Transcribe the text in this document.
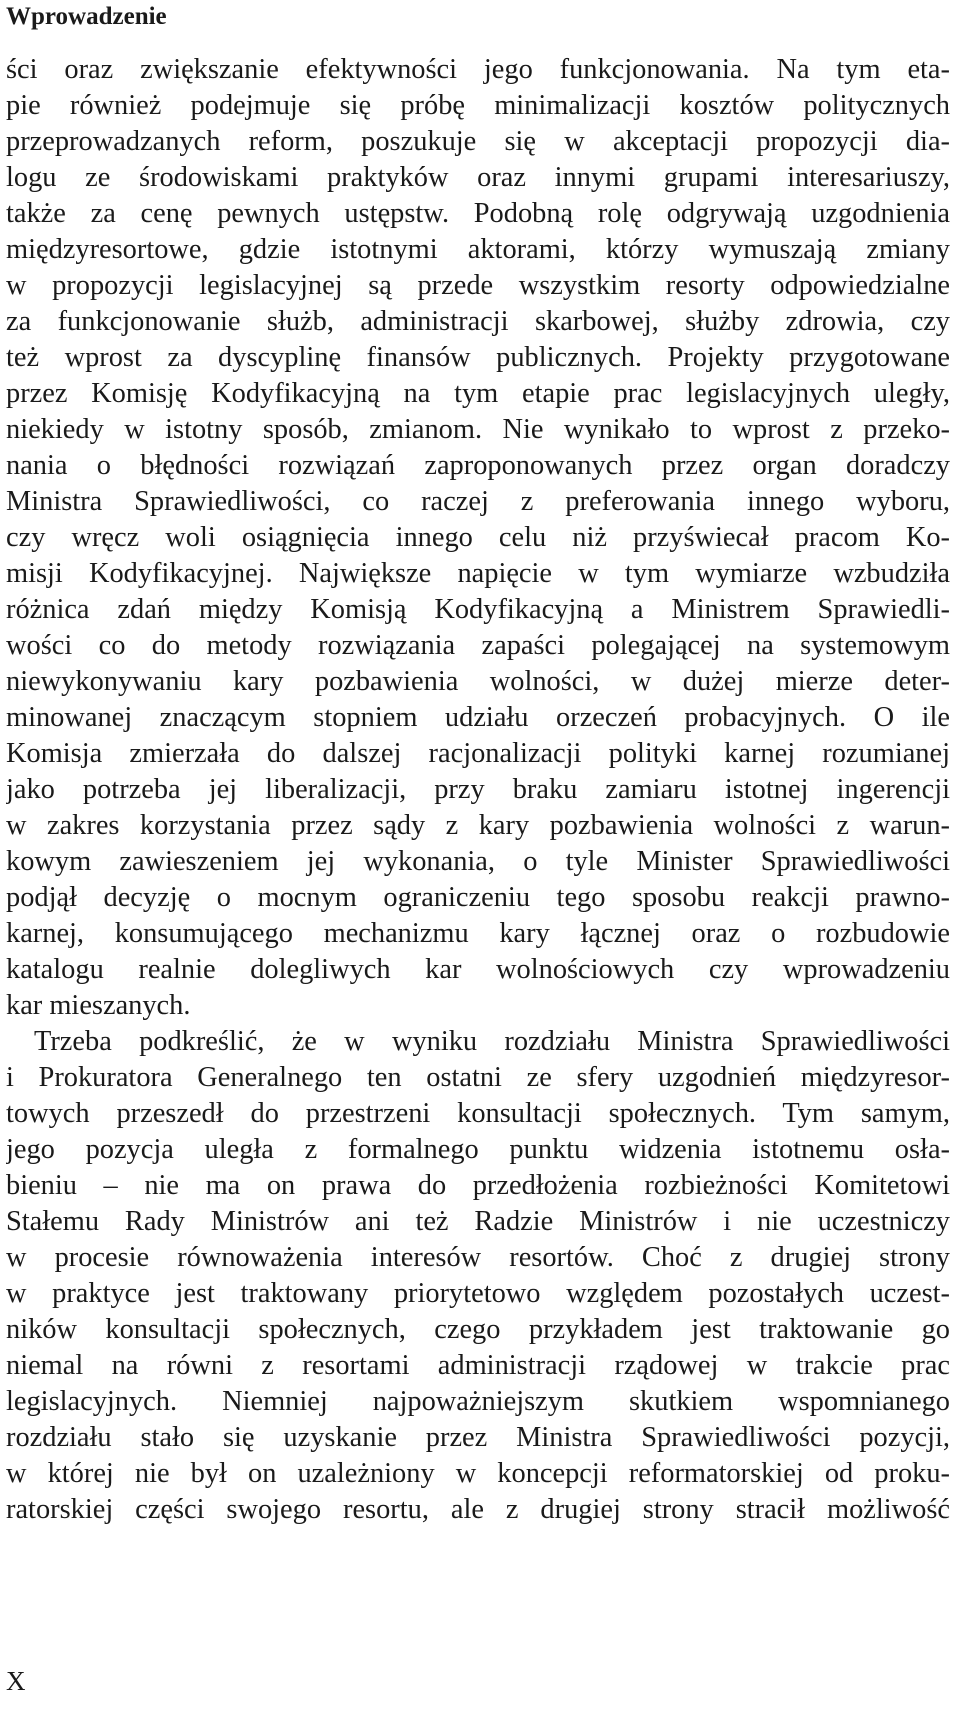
Wprowadzenie
ści oraz zwiększanie efektywności jego funkcjonowania. Na tym eta-
pie również podejmuje się próbę minimalizacji kosztów politycznych
przeprowadzanych reform, poszukuje się w akceptacji propozycji dia-
logu ze środowiskami praktyków oraz innymi grupami interesariuszy,
także za cenę pewnych ustępstw. Podobną rolę odgrywają uzgodnienia
międzyresortowe, gdzie istotnymi aktorami, którzy wymuszają zmiany
w propozycji legislacyjnej są przede wszystkim resorty odpowiedzialne
za funkcjonowanie służb, administracji skarbowej, służby zdrowia, czy
też wprost za dyscyplinę finansów publicznych. Projekty przygotowane
przez Komisję Kodyfikacyjną na tym etapie prac legislacyjnych uległy,
niekiedy w istotny sposób, zmianom. Nie wynikało to wprost z przeko-
nania o błędności rozwiązań zaproponowanych przez organ doradczy
Ministra Sprawiedliwości, co raczej z preferowania innego wyboru,
czy wręcz woli osiągnięcia innego celu niż przyświecał pracom Ko-
misji Kodyfikacyjnej. Największe napięcie w tym wymiarze wzbudziła
różnica zdań między Komisją Kodyfikacyjną a Ministrem Sprawiedli-
wości co do metody rozwiązania zapaści polegającej na systemowym
niewykonywaniu kary pozbawienia wolności, w dużej mierze deter-
minowanej znaczącym stopniem udziału orzeczeń probacyjnych. O ile
Komisja zmierzała do dalszej racjonalizacji polityki karnej rozumianej
jako potrzeba jej liberalizacji, przy braku zamiaru istotnej ingerencji
w zakres korzystania przez sądy z kary pozbawienia wolności z warun-
kowym zawieszeniem jej wykonania, o tyle Minister Sprawiedliwości
podjął decyzję o mocnym ograniczeniu tego sposobu reakcji prawno-
karnej, konsumującego mechanizmu kary łącznej oraz o rozbudowie
katalogu realnie dolegliwych kar wolnościowych czy wprowadzeniu
kar mieszanych.
Trzeba podkreślić, że w wyniku rozdziału Ministra Sprawiedliwości
i Prokuratora Generalnego ten ostatni ze sfery uzgodnień międzyresor-
towych przeszedł do przestrzeni konsultacji społecznych. Tym samym,
jego pozycja uległa z formalnego punktu widzenia istotnemu osła-
bieniu – nie ma on prawa do przedłożenia rozbieżności Komitetowi
Stałemu Rady Ministrów ani też Radzie Ministrów i nie uczestniczy
w procesie równoważenia interesów resortów. Choć z drugiej strony
w praktyce jest traktowany priorytetowo względem pozostałych uczest-
ników konsultacji społecznych, czego przykładem jest traktowanie go
niemal na równi z resortami administracji rządowej w trakcie prac
legislacyjnych. Niemniej najpoważniejszym skutkiem wspomnianego
rozdziału stało się uzyskanie przez Ministra Sprawiedliwości pozycji,
w której nie był on uzależniony w koncepcji reformatorskiej od proku-
ratorskiej części swojego resortu, ale z drugiej strony stracił możliwość
X
